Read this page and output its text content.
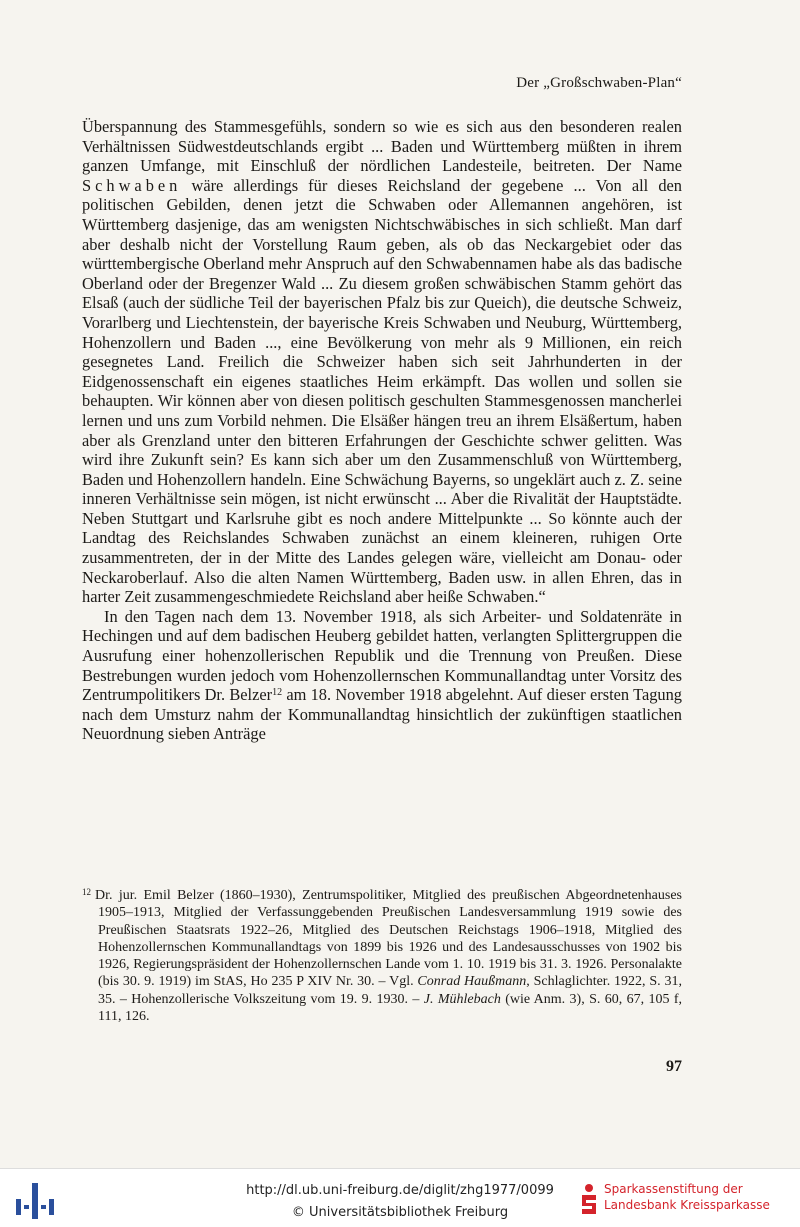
Der „Großschwaben-Plan“

Überspannung des Stammesgefühls, sondern so wie es sich aus den besonderen realen Verhältnissen Südwestdeutschlands ergibt ... Baden und Württemberg müßten in ihrem ganzen Umfange, mit Einschluß der nördlichen Landesteile, beitreten. Der Name Schwaben wäre allerdings für dieses Reichsland der gegebene ... Von all den politischen Gebilden, denen jetzt die Schwaben oder Allemannen angehören, ist Württemberg dasjenige, das am wenigsten Nichtschwäbisches in sich schließt. Man darf aber deshalb nicht der Vorstellung Raum geben, als ob das Neckargebiet oder das württembergische Oberland mehr Anspruch auf den Schwabennamen habe als das badische Oberland oder der Bregenzer Wald ... Zu diesem großen schwäbischen Stamm gehört das Elsaß (auch der südliche Teil der bayerischen Pfalz bis zur Queich), die deutsche Schweiz, Vorarlberg und Liechtenstein, der bayerische Kreis Schwaben und Neuburg, Württemberg, Hohenzollern und Baden ..., eine Bevölkerung von mehr als 9 Millionen, ein reich gesegnetes Land. Freilich die Schweizer haben sich seit Jahrhunderten in der Eidgenossenschaft ein eigenes staatliches Heim erkämpft. Das wollen und sollen sie behaupten. Wir können aber von diesen politisch geschulten Stammesgenossen mancherlei lernen und uns zum Vorbild nehmen. Die Elsäßer hängen treu an ihrem Elsäßertum, haben aber als Grenzland unter den bitteren Erfahrungen der Geschichte schwer gelitten. Was wird ihre Zukunft sein? Es kann sich aber um den Zusammenschluß von Württemberg, Baden und Hohenzollern handeln. Eine Schwächung Bayerns, so ungeklärt auch z. Z. seine inneren Verhältnisse sein mögen, ist nicht erwünscht ... Aber die Rivalität der Hauptstädte. Neben Stuttgart und Karlsruhe gibt es noch andere Mittelpunkte ... So könnte auch der Landtag des Reichslandes Schwaben zunächst an einem kleineren, ruhigen Orte zusammentreten, der in der Mitte des Landes gelegen wäre, vielleicht am Donau- oder Neckaroberlauf. Also die alten Namen Württemberg, Baden usw. in allen Ehren, das in harter Zeit zusammengeschmiedete Reichsland aber heiße Schwaben.“

In den Tagen nach dem 13. November 1918, als sich Arbeiter- und Soldatenräte in Hechingen und auf dem badischen Heuberg gebildet hatten, verlangten Splittergruppen die Ausrufung einer hohenzollerischen Republik und die Trennung von Preußen. Diese Bestrebungen wurden jedoch vom Hohenzollernschen Kommunallandtag unter Vorsitz des Zentrumpolitikers Dr. Belzer$^{12}$ am 18. November 1918 abgelehnt. Auf dieser ersten Tagung nach dem Umsturz nahm der Kommunallandtag hinsichtlich der zukünftigen staatlichen Neuordnung sieben Anträge

$^{12}$ Dr. jur. Emil Belzer (1860–1930), Zentrumspolitiker, Mitglied des preußischen Abgeordnetenhauses 1905–1913, Mitglied der Verfassunggebenden Preußischen Landesversammlung 1919 sowie des Preußischen Staatsrats 1922–26, Mitglied des Deutschen Reichstags 1906–1918, Mitglied des Hohenzollernschen Kommunallandtags von 1899 bis 1926 und des Landesausschusses von 1902 bis 1926, Regierungspräsident der Hohenzollernschen Lande vom 1. 10. 1919 bis 31. 3. 1926. Personalakte (bis 30. 9. 1919) im StAS, Ho 235 P XIV Nr. 30. – Vgl. Conrad Haußmann, Schlaglichter. 1922, S. 31, 35. – Hohenzollerische Volkszeitung vom 19. 9. 1930. – J. Mühlebach (wie Anm. 3), S. 60, 67, 105 f, 111, 126.

97
http://dl.ub.uni-freiburg.de/diglit/zhg1977/0099
© Universitätsbibliothek Freiburg
Sparkassenstiftung der
Landesbank Kreissparkasse
